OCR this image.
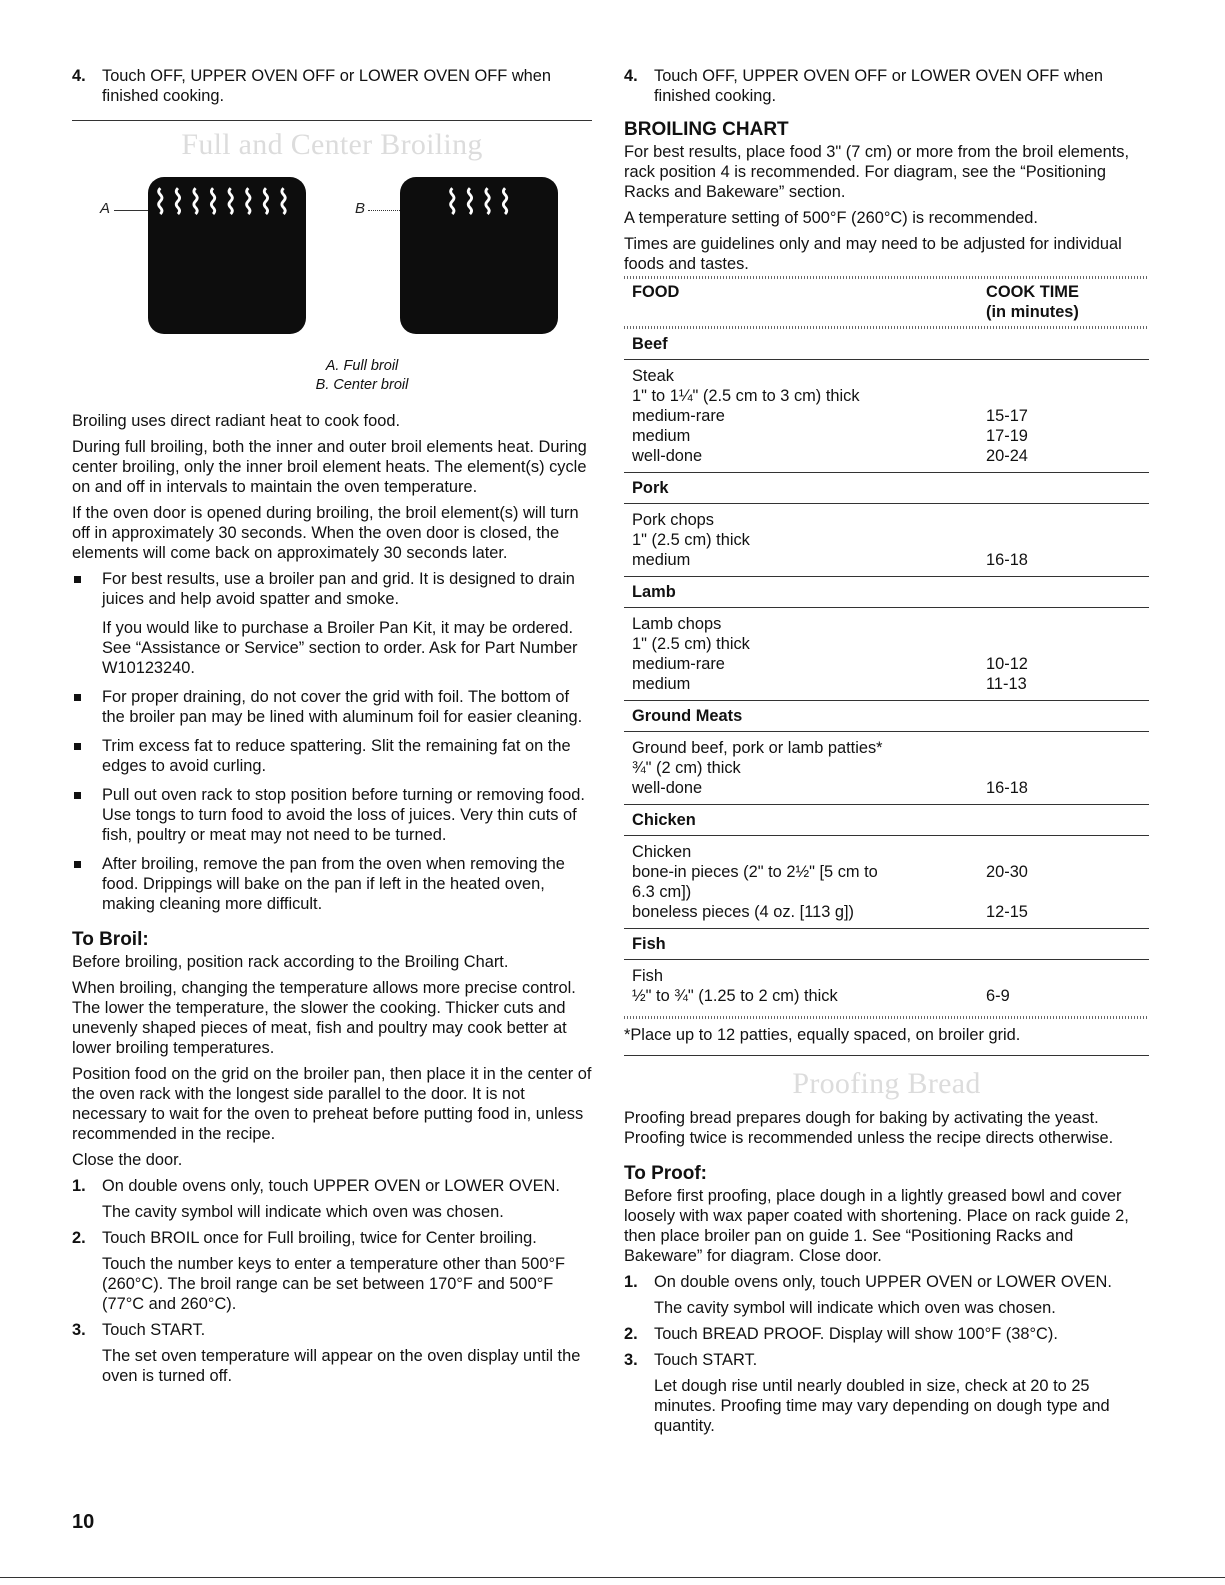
4. Touch OFF, UPPER OVEN OFF or LOWER OVEN OFF when finished cooking.
Full and Center Broiling
A ⌇⌇⌇⌇⌇⌇⌇⌇	B ⌇⌇⌇⌇
A. Full broil
B. Center broil

Broiling uses direct radiant heat to cook food.

During full broiling, both the inner and outer broil elements heat. During center broiling, only the inner broil element heats. The element(s) cycle on and off in intervals to maintain the oven temperature.

If the oven door is opened during broiling, the broil element(s) will turn off in approximately 30 seconds. When the oven door is closed, the elements will come back on approximately 30 seconds later.

For best results, use a broiler pan and grid. It is designed to drain juices and help avoid spatter and smoke.
If you would like to purchase a Broiler Pan Kit, it may be ordered. See “Assistance or Service” section to order. Ask for Part Number W10123240.
For proper draining, do not cover the grid with foil. The bottom of the broiler pan may be lined with aluminum foil for easier cleaning.
Trim excess fat to reduce spattering. Slit the remaining fat on the edges to avoid curling.
Pull out oven rack to stop position before turning or removing food. Use tongs to turn food to avoid the loss of juices. Very thin cuts of fish, poultry or meat may not need to be turned.
After broiling, remove the pan from the oven when removing the food. Drippings will bake on the pan if left in the heated oven, making cleaning more difficult.
To Broil:

Before broiling, position rack according to the Broiling Chart.

When broiling, changing the temperature allows more precise control. The lower the temperature, the slower the cooking. Thicker cuts and unevenly shaped pieces of meat, fish and poultry may cook better at lower broiling temperatures.

Position food on the grid on the broiler pan, then place it in the center of the oven rack with the longest side parallel to the door. It is not necessary to wait for the oven to preheat before putting food in, unless recommended in the recipe.

Close the door.

1. On double ovens only, touch UPPER OVEN or LOWER OVEN.
The cavity symbol will indicate which oven was chosen.
2. Touch BROIL once for Full broiling, twice for Center broiling.
Touch the number keys to enter a temperature other than 500°F (260°C). The broil range can be set between 170°F and 500°F (77°C and 260°C).
3. Touch START.
The set oven temperature will appear on the oven display until the oven is turned off.
4. Touch OFF, UPPER OVEN OFF or LOWER OVEN OFF when finished cooking.
BROILING CHART

For best results, place food 3" (7 cm) or more from the broil elements, rack position 4 is recommended. For diagram, see the “Positioning Racks and Bakeware” section.

A temperature setting of 500°F (260°C) is recommended.

Times are guidelines only and may need to be adjusted for individual foods and tastes.

FOOD	COOK TIME
(in minutes)
Beef
Steak
1" to 1¼" (2.5 cm to 3 cm) thick
medium-rare	15-17
medium	17-19
well-done	20-24
Pork
Pork chops
1" (2.5 cm) thick
medium	16-18
Lamb
Lamb chops
1" (2.5 cm) thick
medium-rare	10-12
medium	11-13
Ground Meats
Ground beef, pork or lamb patties*
¾" (2 cm) thick
well-done	16-18
Chicken
Chicken
bone-in pieces (2" to 2½" [5 cm to	20-30
6.3 cm])
boneless pieces (4 oz. [113 g])	12-15
Fish
Fish
½" to ¾" (1.25 to 2 cm) thick	6-9

*Place up to 12 patties, equally spaced, on broiler grid.

Proofing Bread

Proofing bread prepares dough for baking by activating the yeast. Proofing twice is recommended unless the recipe directs otherwise.

To Proof:

Before first proofing, place dough in a lightly greased bowl and cover loosely with wax paper coated with shortening. Place on rack guide 2, then place broiler pan on guide 1. See “Positioning Racks and Bakeware” for diagram. Close door.

1. On double ovens only, touch UPPER OVEN or LOWER OVEN.
The cavity symbol will indicate which oven was chosen.
2. Touch BREAD PROOF. Display will show 100°F (38°C).
3. Touch START.
Let dough rise until nearly doubled in size, check at 20 to 25 minutes. Proofing time may vary depending on dough type and quantity.
10
